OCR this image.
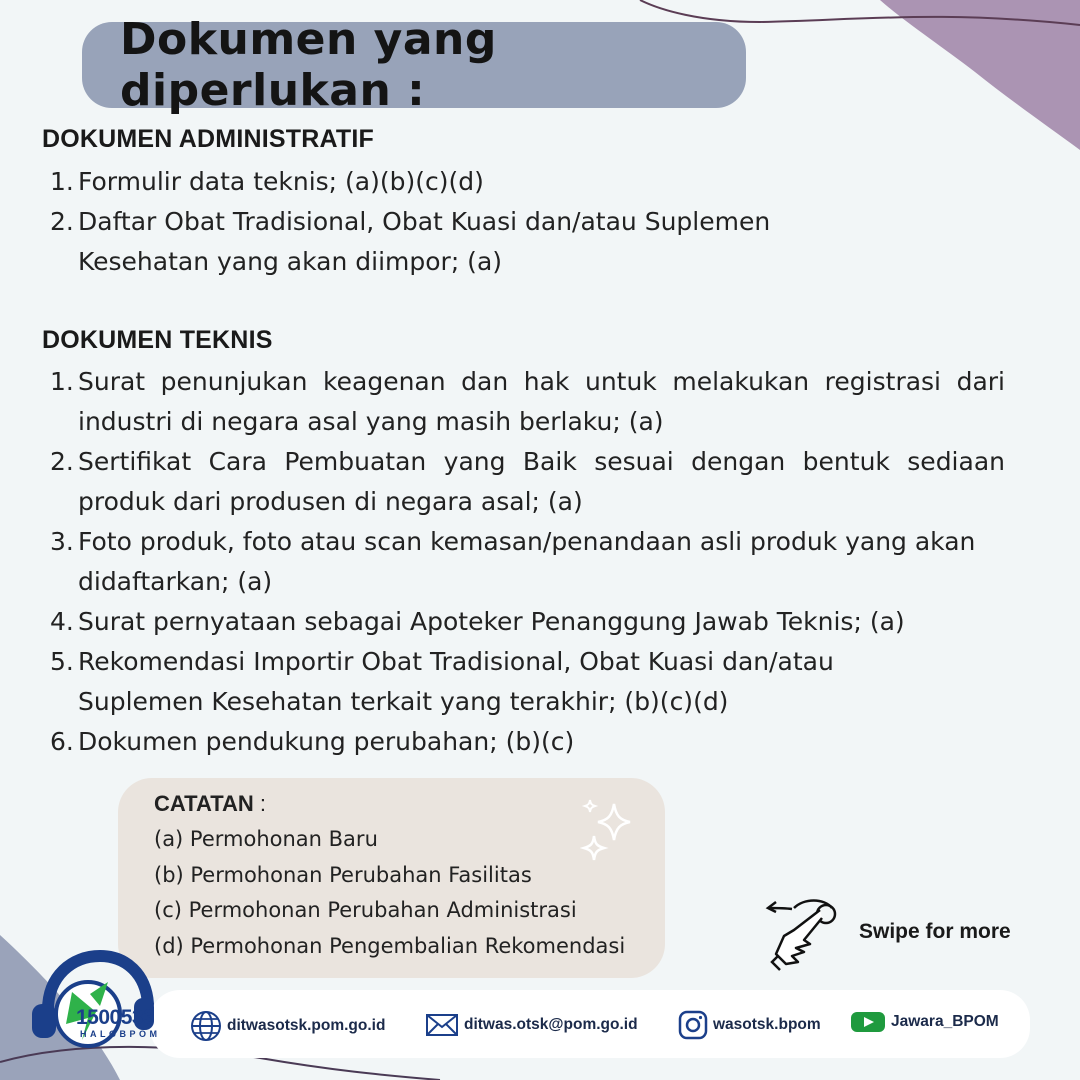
Dokumen yang diperlukan :
DOKUMEN ADMINISTRATIF
1. Formulir data teknis; (a)(b)(c)(d)
2. Daftar Obat Tradisional, Obat Kuasi dan/atau Suplemen Kesehatan yang akan diimpor; (a)
DOKUMEN TEKNIS
1. Surat penunjukan keagenan dan hak untuk melakukan registrasi dari industri di negara asal yang masih berlaku; (a)
2. Sertifikat Cara Pembuatan yang Baik sesuai dengan bentuk sediaan produk dari produsen di negara asal; (a)
3. Foto produk, foto atau scan kemasan/penandaan asli produk yang akan didaftarkan; (a)
4. Surat pernyataan sebagai Apoteker Penanggung Jawab Teknis; (a)
5. Rekomendasi Importir Obat Tradisional, Obat Kuasi dan/atau Suplemen Kesehatan terkait yang terakhir; (b)(c)(d)
6. Dokumen pendukung perubahan; (b)(c)
CATATAN :
(a) Permohonan Baru
(b) Permohonan Perubahan Fasilitas
(c) Permohonan Perubahan Administrasi
(d) Permohonan Pengembalian Rekomendasi
Swipe for more
1500533
HALOBPOM	ditwasotsk.pom.go.id	ditwas.otsk@pom.go.id	wasotsk.bpom	Jawara_BPOM
